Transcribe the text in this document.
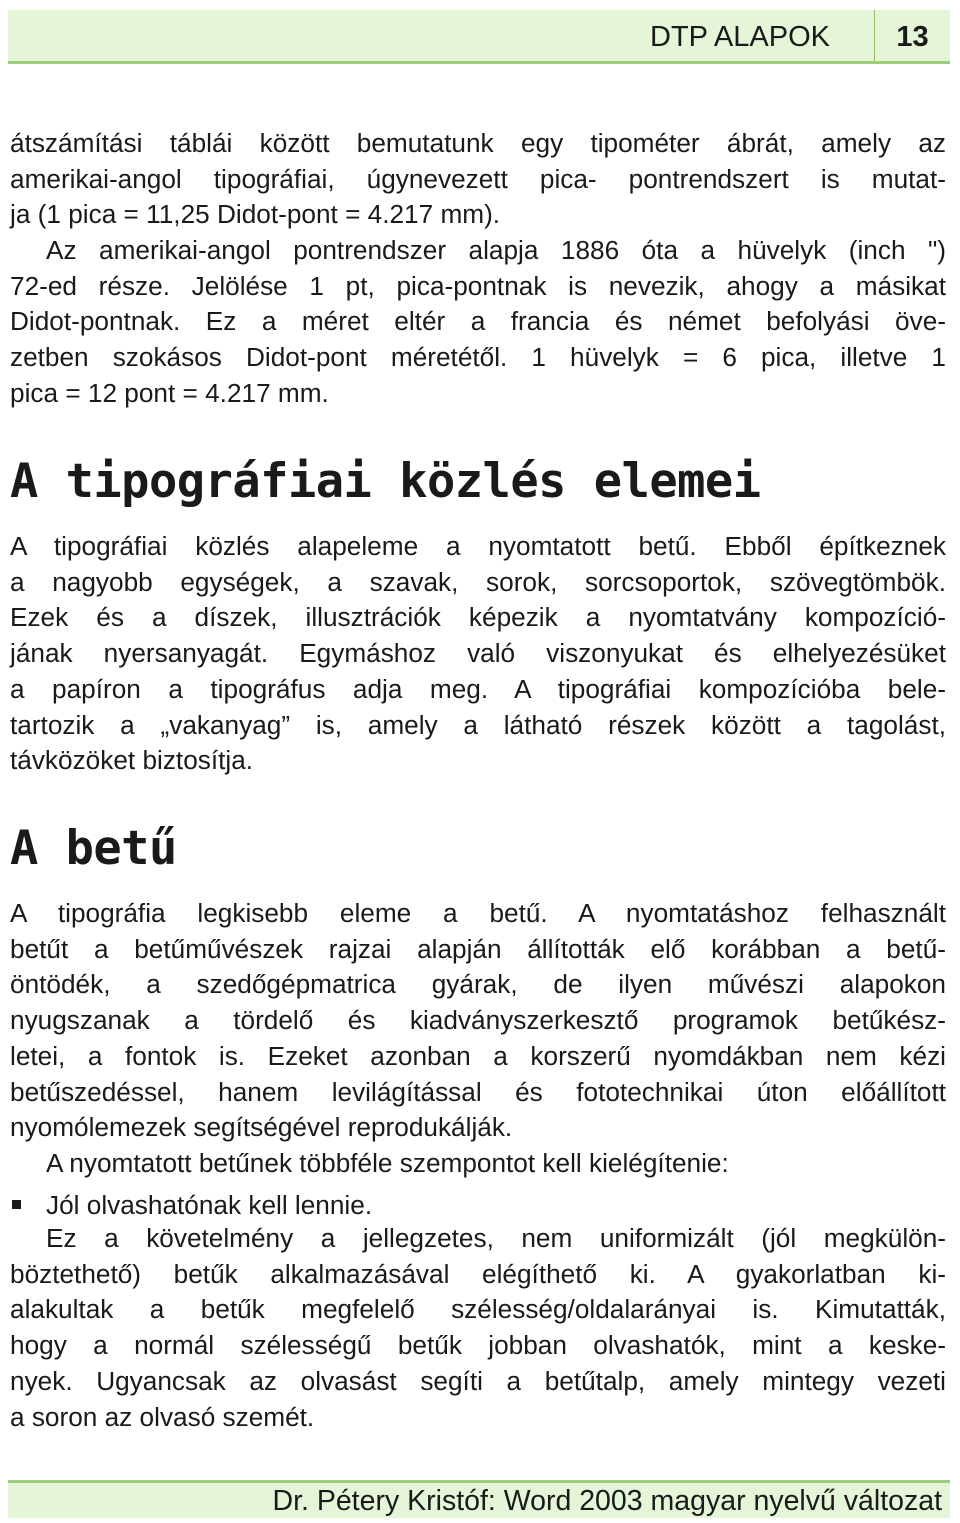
DTP ALAPOK	13
átszámítási táblái között bemutatunk egy tipométer ábrát, amely az
amerikai-angol tipográfiai, úgynevezett pica- pontrendszert is mutat-
ja (1 pica = 11,25 Didot-pont = 4.217 mm).
Az amerikai-angol pontrendszer alapja 1886 óta a hüvelyk (inch ")
72-ed része. Jelölése 1 pt, pica-pontnak is nevezik, ahogy a másikat
Didot-pontnak. Ez a méret eltér a francia és német befolyási öve-
zetben szokásos Didot-pont méretétől. 1 hüvelyk = 6 pica, illetve 1
pica = 12 pont = 4.217 mm.
A tipográfiai közlés elemei
A tipográfiai közlés alapeleme a nyomtatott betű. Ebből építkeznek
a nagyobb egységek, a szavak, sorok, sorcsoportok, szövegtömbök.
Ezek és a díszek, illusztrációk képezik a nyomtatvány kompozíció-
jának nyersanyagát. Egymáshoz való viszonyukat és elhelyezésüket
a papíron a tipográfus adja meg. A tipográfiai kompozícióba bele-
tartozik a „vakanyag” is, amely a látható részek között a tagolást,
távközöket biztosítja.
A betű
A tipográfia legkisebb eleme a betű. A nyomtatáshoz felhasznált
betűt a betűművészek rajzai alapján állították elő korábban a betű-
öntödék, a szedőgépmatrica gyárak, de ilyen művészi alapokon
nyugszanak a tördelő és kiadványszerkesztő programok betűkész-
letei, a fontok is. Ezeket azonban a korszerű nyomdákban nem kézi
betűszedéssel, hanem levilágítással és fototechnikai úton előállított
nyomólemezek segítségével reprodukálják.
A nyomtatott betűnek többféle szempontot kell kielégítenie:
Jól olvashatónak kell lennie.
Ez a követelmény a jellegzetes, nem uniformizált (jól megkülön-
böztethető) betűk alkalmazásával elégíthető ki. A gyakorlatban ki-
alakultak a betűk megfelelő szélesség/oldalarányai is. Kimutatták,
hogy a normál szélességű betűk jobban olvashatók, mint a keske-
nyek. Ugyancsak az olvasást segíti a betűtalp, amely mintegy vezeti
a soron az olvasó szemét.
Dr. Pétery Kristóf: Word 2003 magyar nyelvű változat
